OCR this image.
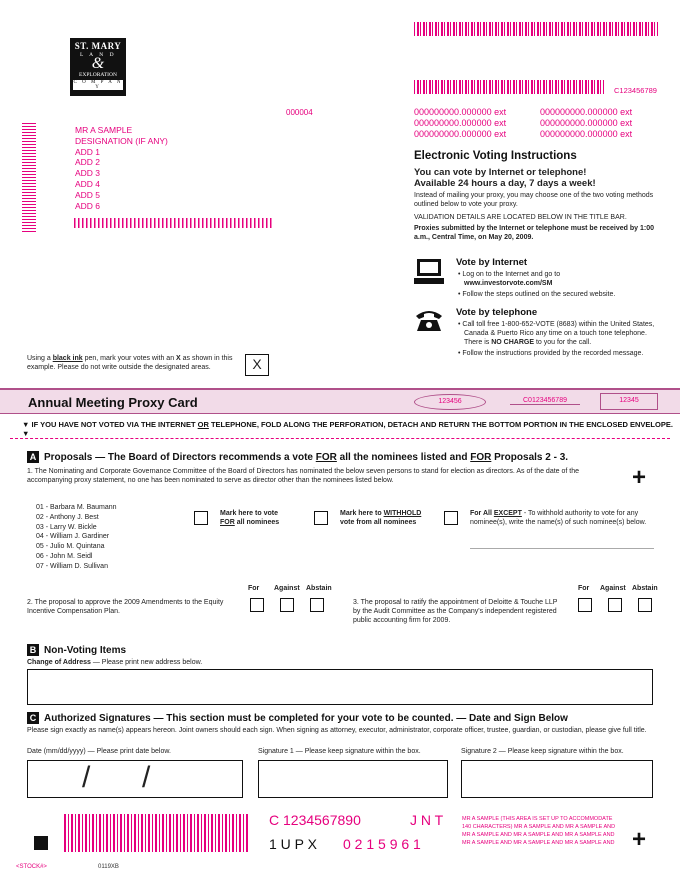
C123456789
ST. MARY
L A N D
&
EXPLORATION
C O M P A N Y
000004
MR A SAMPLE
DESIGNATION (IF ANY)
ADD 1
ADD 2
ADD 3
ADD 4
ADD 5
ADD 6
000000000.000000 ext
000000000.000000 ext
000000000.000000 ext
000000000.000000 ext
000000000.000000 ext
000000000.000000 ext
Electronic Voting Instructions
You can vote by Internet or telephone!
Available 24 hours a day, 7 days a week!
Instead of mailing your proxy, you may choose one of the two voting methods outlined below to vote your proxy.
VALIDATION DETAILS ARE LOCATED BELOW IN THE TITLE BAR.
Proxies submitted by the Internet or telephone must be received by 1:00 a.m., Central Time, on May 20, 2009.
Vote by Internet
• Log on to the Internet and go to
www.investorvote.com/SM
• Follow the steps outlined on the secured website.
Vote by telephone
• Call toll free 1-800-652-VOTE (8683) within the United States, Canada & Puerto Rico any time on a touch tone telephone. There is NO CHARGE to you for the call.
• Follow the instructions provided by the recorded message.
Using a black ink pen, mark your votes with an X as shown in this example. Please do not write outside the designated areas.	X
Annual Meeting Proxy Card	123456	C0123456789	12345
▼ IF YOU HAVE NOT VOTED VIA THE INTERNET OR TELEPHONE, FOLD ALONG THE PERFORATION, DETACH AND RETURN THE BOTTOM PORTION IN THE ENCLOSED ENVELOPE. ▼
A Proposals — The Board of Directors recommends a vote FOR all the nominees listed and FOR Proposals 2 - 3.
1. The Nominating and Corporate Governance Committee of the Board of Directors has nominated the below seven persons to stand for election as directors. As of the date of the accompanying proxy statement, no one has been nominated to serve as director other than the nominees listed below.	+
01 - Barbara M. Baumann
02 - Anthony J. Best
03 - Larry W. Bickle
04 - William J. Gardiner
05 - Julio M. Quintana
06 - John M. Seidl
07 - William D. Sullivan
Mark here to vote
FOR all nominees
Mark here to WITHHOLD
vote from all nominees
For All EXCEPT - To withhold authority to vote for any nominee(s), write the name(s) of such nominee(s) below.
For Against Abstain
2. The proposal to approve the 2009 Amendments to the Equity Incentive Compensation Plan.
For Against Abstain
3. The proposal to ratify the appointment of Deloitte & Touche LLP by the Audit Committee as the Company's independent registered public accounting firm for 2009.
B Non-Voting Items
Change of Address — Please print new address below.
C Authorized Signatures — This section must be completed for your vote to be counted. — Date and Sign Below
Please sign exactly as name(s) appears hereon. Joint owners should each sign. When signing as attorney, executor, administrator, corporate officer, trustee, guardian, or custodian, please give full title.
Date (mm/dd/yyyy) — Please print date below.	Signature 1 — Please keep signature within the box.	Signature 2 — Please keep signature within the box.
/ /
C 1234567890	J N T
1 U P X 0 2 1 5 9 6 1
MR A SAMPLE (THIS AREA IS SET UP TO ACCOMMODATE 140 CHARACTERS) MR A SAMPLE AND MR A SAMPLE AND MR A SAMPLE AND MR A SAMPLE AND MR A SAMPLE AND MR A SAMPLE AND MR A SAMPLE AND MR A SAMPLE AND +
<STOCK#>	0119XB
